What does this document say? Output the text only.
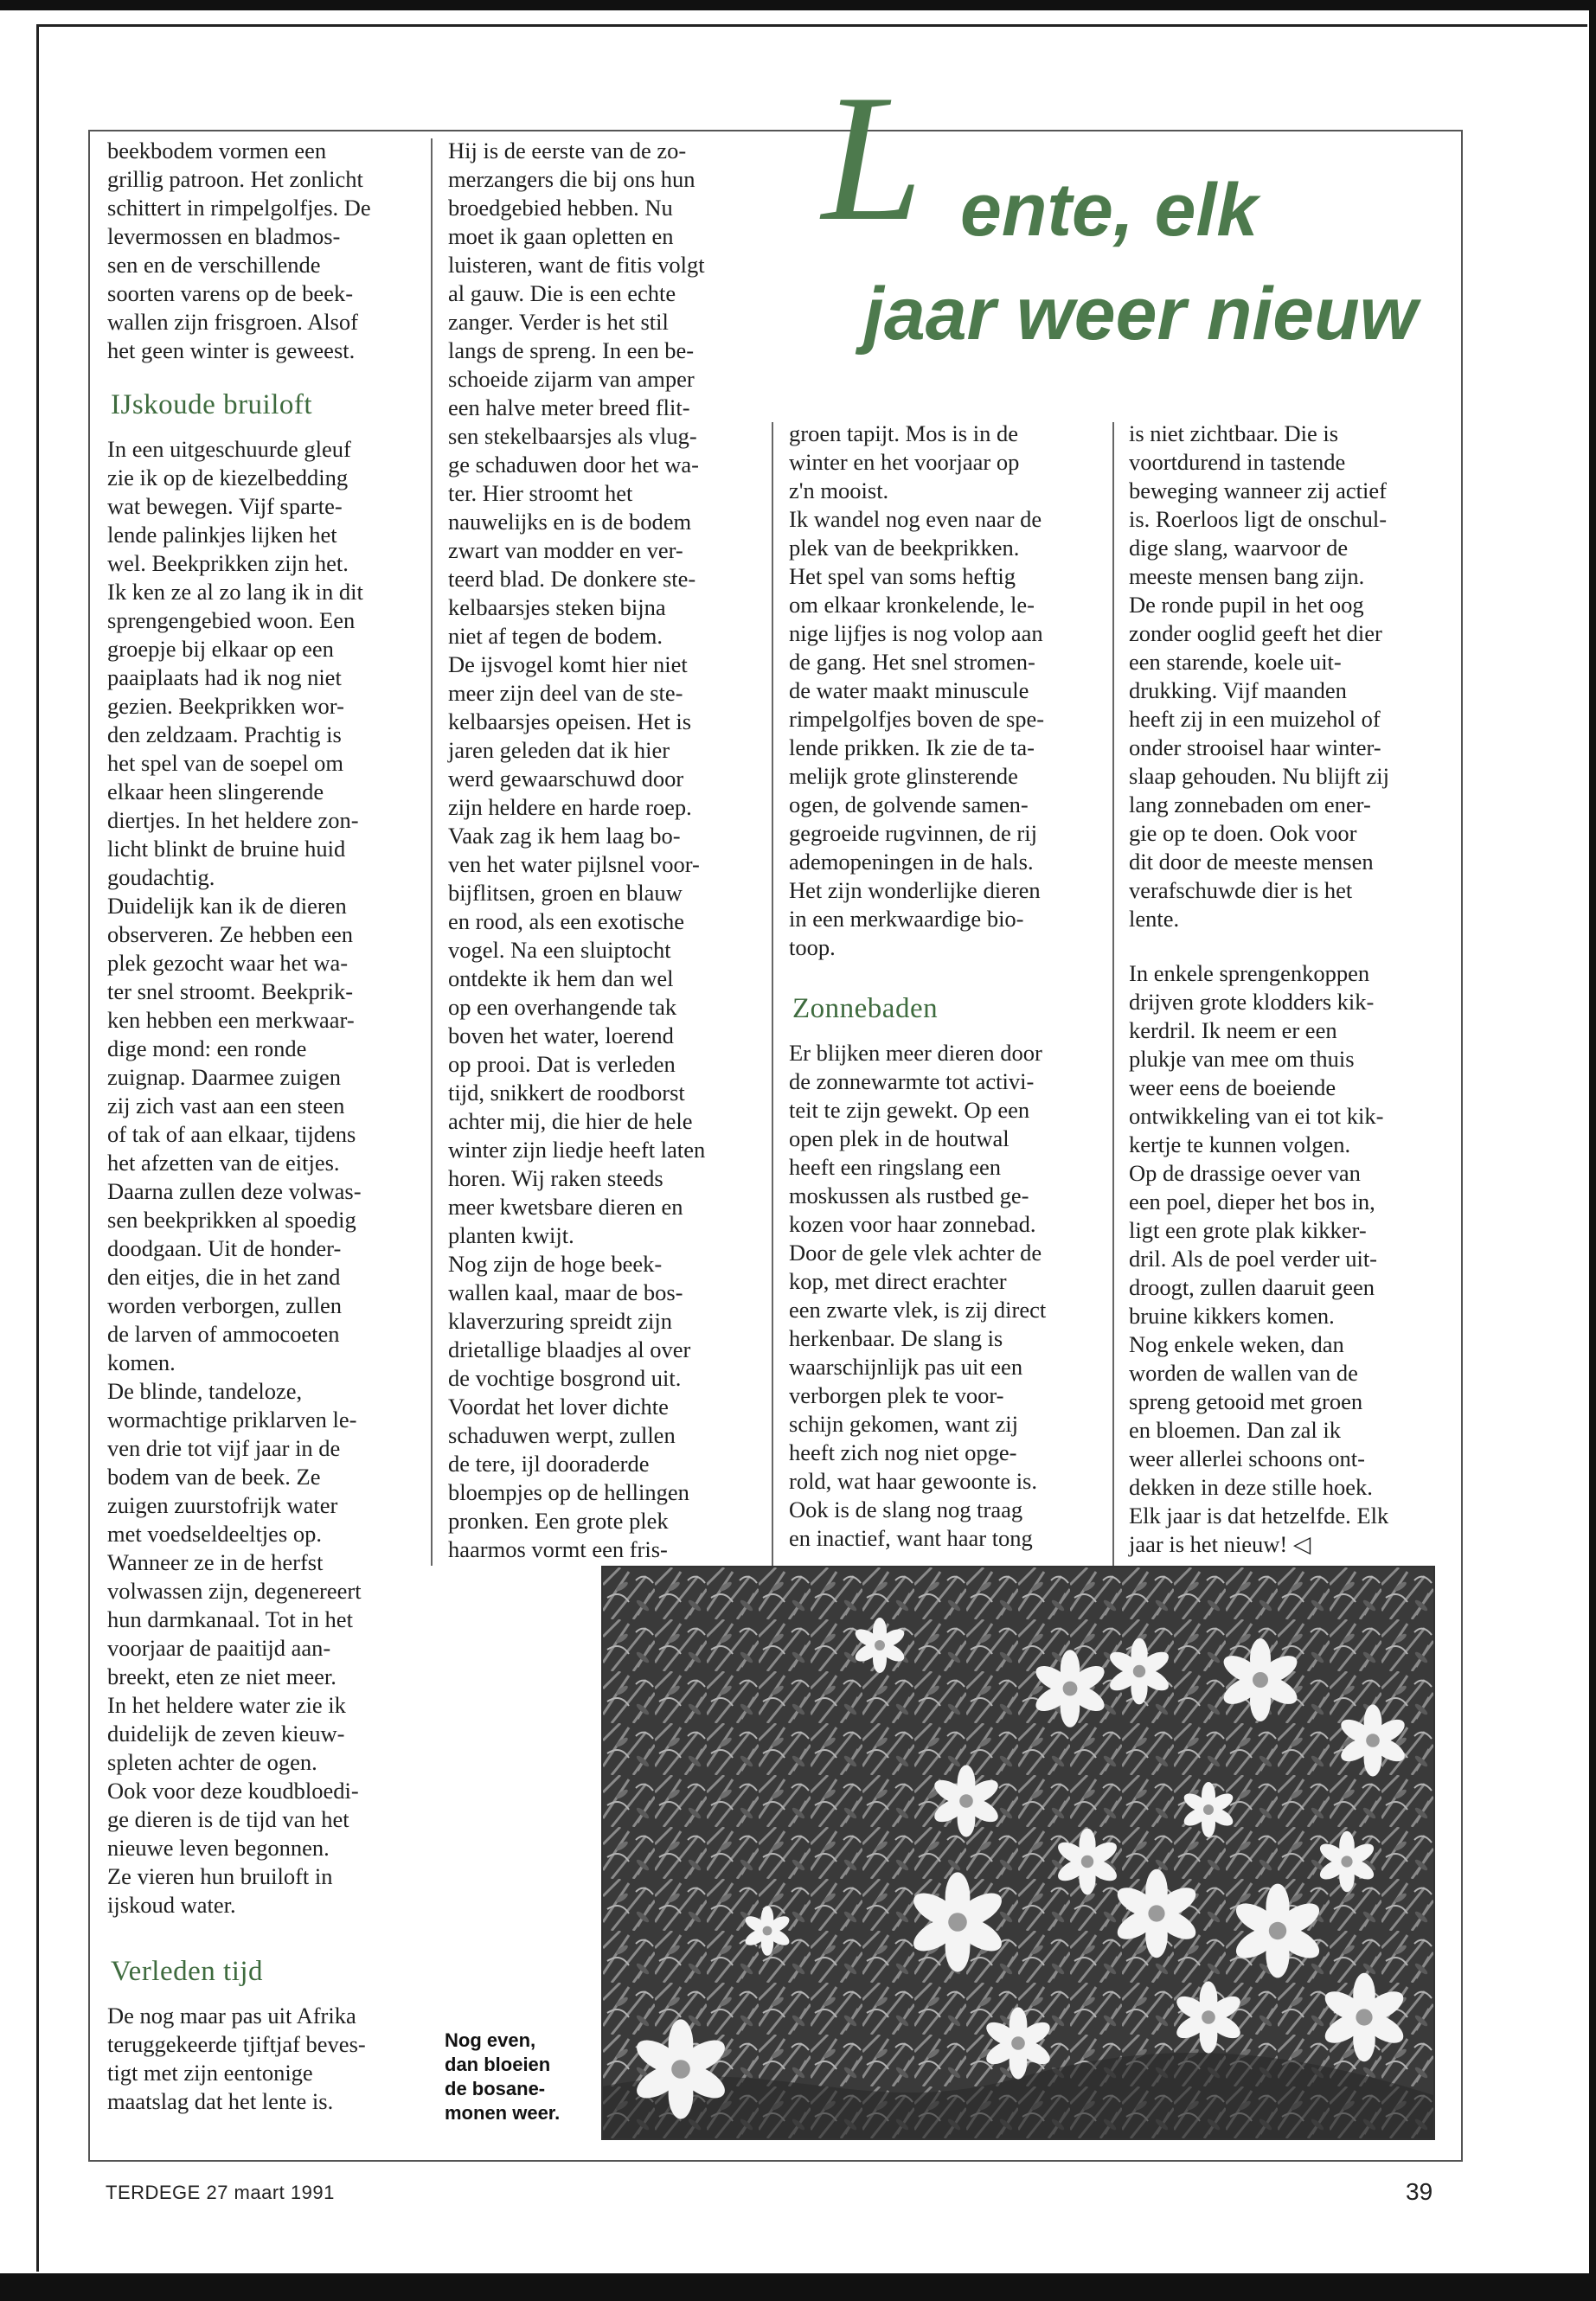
L ente, elk
jaar weer nieuw

beekbodem vormen een
grillig patroon. Het zonlicht
schittert in rimpelgolfjes. De
levermossen en bladmos-
sen en de verschillende
soorten varens op de beek-
wallen zijn frisgroen. Alsof
het geen winter is geweest.

IJskoude bruiloft

In een uitgeschuurde gleuf
zie ik op de kiezelbedding
wat bewegen. Vijf sparte-
lende palinkjes lijken het
wel. Beekprikken zijn het.
Ik ken ze al zo lang ik in dit
sprengengebied woon. Een
groepje bij elkaar op een
paaiplaats had ik nog niet
gezien. Beekprikken wor-
den zeldzaam. Prachtig is
het spel van de soepel om
elkaar heen slingerende
diertjes. In het heldere zon-
licht blinkt de bruine huid
goudachtig.
Duidelijk kan ik de dieren
observeren. Ze hebben een
plek gezocht waar het wa-
ter snel stroomt. Beekprik-
ken hebben een merkwaar-
dige mond: een ronde
zuignap. Daarmee zuigen
zij zich vast aan een steen
of tak of aan elkaar, tijdens
het afzetten van de eitjes.
Daarna zullen deze volwas-
sen beekprikken al spoedig
doodgaan. Uit de honder-
den eitjes, die in het zand
worden verborgen, zullen
de larven of ammocoeten
komen.
De blinde, tandeloze,
wormachtige priklarven le-
ven drie tot vijf jaar in de
bodem van de beek. Ze
zuigen zuurstofrijk water
met voedseldeeltjes op.
Wanneer ze in de herfst
volwassen zijn, degenereert
hun darmkanaal. Tot in het
voorjaar de paaitijd aan-
breekt, eten ze niet meer.
In het heldere water zie ik
duidelijk de zeven kieuw-
spleten achter de ogen.
Ook voor deze koudbloedi-
ge dieren is de tijd van het
nieuwe leven begonnen.
Ze vieren hun bruiloft in
ijskoud water.

Verleden tijd

De nog maar pas uit Afrika
teruggekeerde tjiftjaf beves-
tigt met zijn eentonige
maatslag dat het lente is.

Hij is de eerste van de zo-
merzangers die bij ons hun
broedgebied hebben. Nu
moet ik gaan opletten en
luisteren, want de fitis volgt
al gauw. Die is een echte
zanger. Verder is het stil
langs de spreng. In een be-
schoeide zijarm van amper
een halve meter breed flit-
sen stekelbaarsjes als vlug-
ge schaduwen door het wa-
ter. Hier stroomt het
nauwelijks en is de bodem
zwart van modder en ver-
teerd blad. De donkere ste-
kelbaarsjes steken bijna
niet af tegen de bodem.
De ijsvogel komt hier niet
meer zijn deel van de ste-
kelbaarsjes opeisen. Het is
jaren geleden dat ik hier
werd gewaarschuwd door
zijn heldere en harde roep.
Vaak zag ik hem laag bo-
ven het water pijlsnel voor-
bijflitsen, groen en blauw
en rood, als een exotische
vogel. Na een sluiptocht
ontdekte ik hem dan wel
op een overhangende tak
boven het water, loerend
op prooi. Dat is verleden
tijd, snikkert de roodborst
achter mij, die hier de hele
winter zijn liedje heeft laten
horen. Wij raken steeds
meer kwetsbare dieren en
planten kwijt.
Nog zijn de hoge beek-
wallen kaal, maar de bos-
klaverzuring spreidt zijn
drietallige blaadjes al over
de vochtige bosgrond uit.
Voordat het lover dichte
schaduwen werpt, zullen
de tere, ijl dooraderde
bloempjes op de hellingen
pronken. Een grote plek
haarmos vormt een fris-

groen tapijt. Mos is in de
winter en het voorjaar op
z'n mooist.
Ik wandel nog even naar de
plek van de beekprikken.
Het spel van soms heftig
om elkaar kronkelende, le-
nige lijfjes is nog volop aan
de gang. Het snel stromen-
de water maakt minuscule
rimpelgolfjes boven de spe-
lende prikken. Ik zie de ta-
melijk grote glinsterende
ogen, de golvende samen-
gegroeide rugvinnen, de rij
ademopeningen in de hals.
Het zijn wonderlijke dieren
in een merkwaardige bio-
toop.

Zonnebaden

Er blijken meer dieren door
de zonnewarmte tot activi-
teit te zijn gewekt. Op een
open plek in de houtwal
heeft een ringslang een
moskussen als rustbed ge-
kozen voor haar zonnebad.
Door de gele vlek achter de
kop, met direct erachter
een zwarte vlek, is zij direct
herkenbaar. De slang is
waarschijnlijk pas uit een
verborgen plek te voor-
schijn gekomen, want zij
heeft zich nog niet opge-
rold, wat haar gewoonte is.
Ook is de slang nog traag
en inactief, want haar tong

is niet zichtbaar. Die is
voortdurend in tastende
beweging wanneer zij actief
is. Roerloos ligt de onschul-
dige slang, waarvoor de
meeste mensen bang zijn.
De ronde pupil in het oog
zonder ooglid geeft het dier
een starende, koele uit-
drukking. Vijf maanden
heeft zij in een muizehol of
onder strooisel haar winter-
slaap gehouden. Nu blijft zij
lang zonnebaden om ener-
gie op te doen. Ook voor
dit door de meeste mensen
verafschuwde dier is het
lente.

In enkele sprengenkoppen
drijven grote klodders kik-
kerdril. Ik neem er een
plukje van mee om thuis
weer eens de boeiende
ontwikkeling van ei tot kik-
kertje te kunnen volgen.
Op de drassige oever van
een poel, dieper het bos in,
ligt een grote plak kikker-
dril. Als de poel verder uit-
droogt, zullen daaruit geen
bruine kikkers komen.
Nog enkele weken, dan
worden de wallen van de
spreng getooid met groen
en bloemen. Dan zal ik
weer allerlei schoons ont-
dekken in deze stille hoek.
Elk jaar is dat hetzelfde. Elk
jaar is het nieuw! ◁

Nog even,
dan bloeien
de bosane-
monen weer.
TERDEGE 27 maart 1991	39
